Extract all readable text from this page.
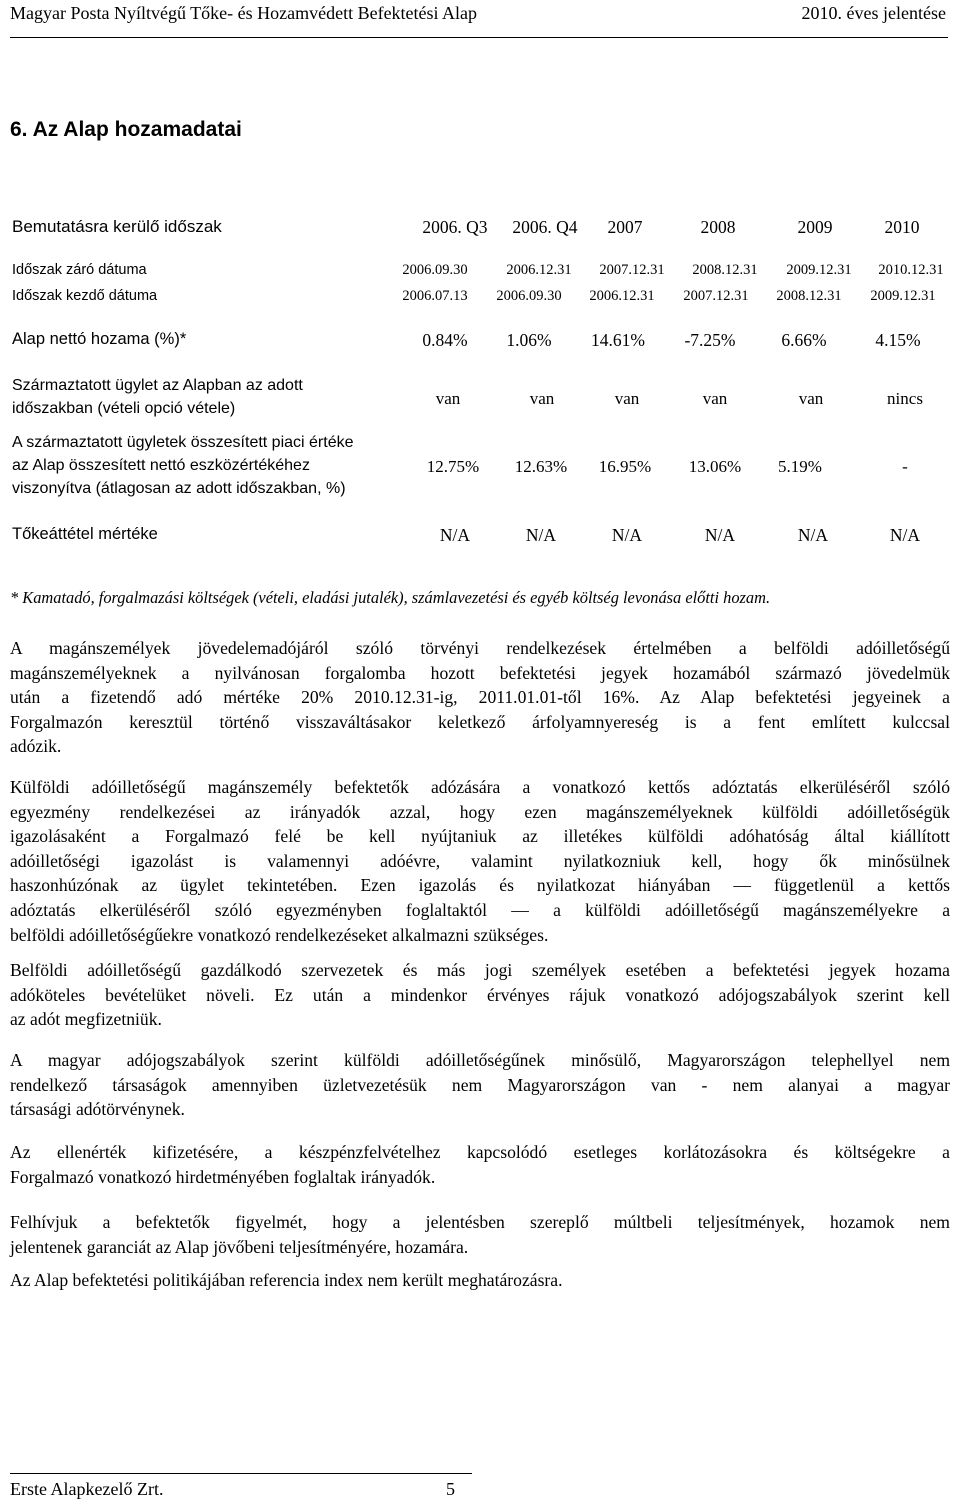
Magyar Posta Nyíltvégű Tőke- és Hozamvédett Befektetési Alap	2010. éves jelentése
6. Az Alap hozamadatai
Bemutatásra kerülő időszak	2006. Q3	2006. Q4	2007	2008	2009	2010
Időszak záró dátuma	2006.09.30	2006.12.31	2007.12.31	2008.12.31	2009.12.31	2010.12.31
Időszak kezdő dátuma	2006.07.13	2006.09.30	2006.12.31	2007.12.31	2008.12.31	2009.12.31
Alap nettó hozama (%)*	0.84%	1.06%	14.61%	-7.25%	6.66%	4.15%
Származtatott ügylet az Alapban az adott
időszakban (vételi opció vétele)
van	van	van	van	van	nincs
A származtatott ügyletek összesített piaci értéke
az Alap összesített nettó eszközértékéhez
viszonyítva (átlagosan az adott időszakban, %)
12.75%	12.63%	16.95%	13.06%	5.19%	-
Tőkeáttétel mértéke	N/A	N/A	N/A	N/A	N/A	N/A
* Kamatadó, forgalmazási költségek (vételi, eladási jutalék), számlavezetési és egyéb költség levonása előtti hozam.
A magánszemélyek jövedelemadójáról szóló törvényi rendelkezések értelmében a belföldi adóilletőségű
magánszemélyeknek a nyilvánosan forgalomba hozott befektetési jegyek hozamából származó jövedelmük
után a fizetendő adó mértéke 20% 2010.12.31-ig, 2011.01.01-től 16%. Az Alap befektetési jegyeinek a
Forgalmazón keresztül történő visszaváltásakor keletkező árfolyamnyereség is a fent említett kulccsal
adózik.
Külföldi adóilletőségű magánszemély befektetők adózására a vonatkozó kettős adóztatás elkerüléséről szóló
egyezmény rendelkezései az irányadók azzal, hogy ezen magánszemélyeknek külföldi adóilletőségük
igazolásaként a Forgalmazó felé be kell nyújtaniuk az illetékes külföldi adóhatóság által kiállított
adóilletőségi igazolást is valamennyi adóévre, valamint nyilatkozniuk kell, hogy ők minősülnek
haszonhúzónak az ügylet tekintetében. Ezen igazolás és nyilatkozat hiányában — függetlenül a kettős
adóztatás elkerüléséről szóló egyezményben foglaltaktól — a külföldi adóilletőségű magánszemélyekre a
belföldi adóilletőségűekre vonatkozó rendelkezéseket alkalmazni szükséges.
Belföldi adóilletőségű gazdálkodó szervezetek és más jogi személyek esetében a befektetési jegyek hozama
adóköteles bevételüket növeli. Ez után a mindenkor érvényes rájuk vonatkozó adójogszabályok szerint kell
az adót megfizetniük.
A magyar adójogszabályok szerint külföldi adóilletőségűnek minősülő, Magyarországon telephellyel nem
rendelkező társaságok amennyiben üzletvezetésük nem Magyarországon van - nem alanyai a magyar
társasági adótörvénynek.
Az ellenérték kifizetésére, a készpénzfelvételhez kapcsolódó esetleges korlátozásokra és költségekre a
Forgalmazó vonatkozó hirdetményében foglaltak irányadók.
Felhívjuk a befektetők figyelmét, hogy a jelentésben szereplő múltbeli teljesítmények, hozamok nem
jelentenek garanciát az Alap jövőbeni teljesítményére, hozamára.
Az Alap befektetési politikájában referencia index nem került meghatározásra.
Erste Alapkezelő Zrt.	5
